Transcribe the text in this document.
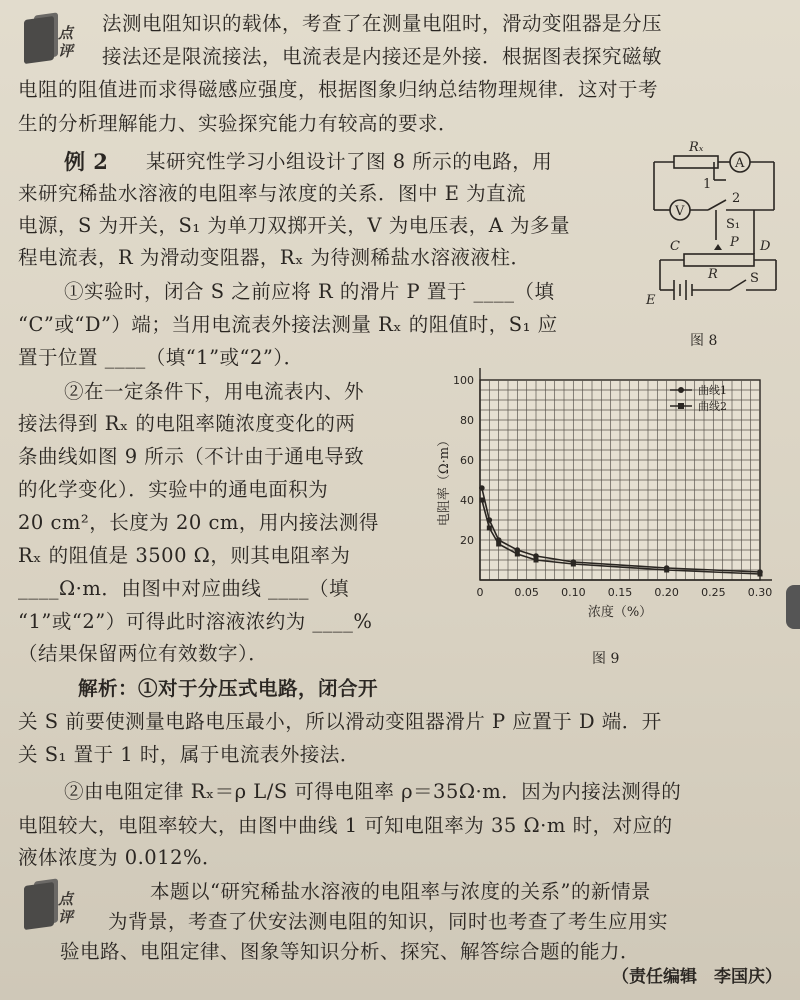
点评
法测电阻知识的载体，考查了在测量电阻时，滑动变阻器是分压
接法还是限流接法，电流表是内接还是外接．根据图表探究磁敏
电阻的阻值进而求得磁感应强度，根据图象归纳总结物理规律．这对于考
生的分析理解能力、实验探究能力有较高的要求．
例 2 某研究性学习小组设计了图 8 所示的电路，用
来研究稀盐水溶液的电阻率与浓度的关系．图中 E 为直流
电源，S 为开关，S₁ 为单刀双掷开关，V 为电压表，A 为多量
程电流表，R 为滑动变阻器，Rₓ 为待测稀盐水溶液液柱．
①实验时，闭合 S 之前应将 R 的滑片 P 置于 ____（填
“C”或“D”）端；当用电流表外接法测量 Rₓ 的阻值时，S₁ 应
置于位置 ____（填“1”或“2”）．
Rₓ
A
V
1
2
S₁
C	P D
R S
E
图 8
②在一定条件下，用电流表内、外
接法得到 Rₓ 的电阻率随浓度变化的两
条曲线如图 9 所示（不计由于通电导致
的化学变化）．实验中的通电面积为
20 cm²，长度为 20 cm，用内接法测得
Rₓ 的阻值是 3500 Ω，则其电阻率为
____Ω·m．由图中对应曲线 ____（填
“1”或“2”）可得此时溶液浓约为 ____%
（结果保留两位有效数字）．
0	0.05 0.10 0.15 0.20 0.25 0.30
20
40
60
80
100
浓度（%）
电阻率（Ω·m）
曲线1
曲线2
图 9
解析：①对于分压式电路，闭合开
关 S 前要使测量电路电压最小，所以滑动变阻器滑片 P 应置于 D 端．开
关 S₁ 置于 1 时，属于电流表外接法．
②由电阻定律 Rₓ＝ρ L/S 可得电阻率 ρ＝35Ω·m．因为内接法测得的
电阻较大，电阻率较大，由图中曲线 1 可知电阻率为 35 Ω·m 时，对应的
液体浓度为 0.012%．
点评
本题以“研究稀盐水溶液的电阻率与浓度的关系”的新情景
为背景，考查了伏安法测电阻的知识，同时也考查了考生应用实
验电路、电阻定律、图象等知识分析、探究、解答综合题的能力．
（责任编辑　李国庆）
